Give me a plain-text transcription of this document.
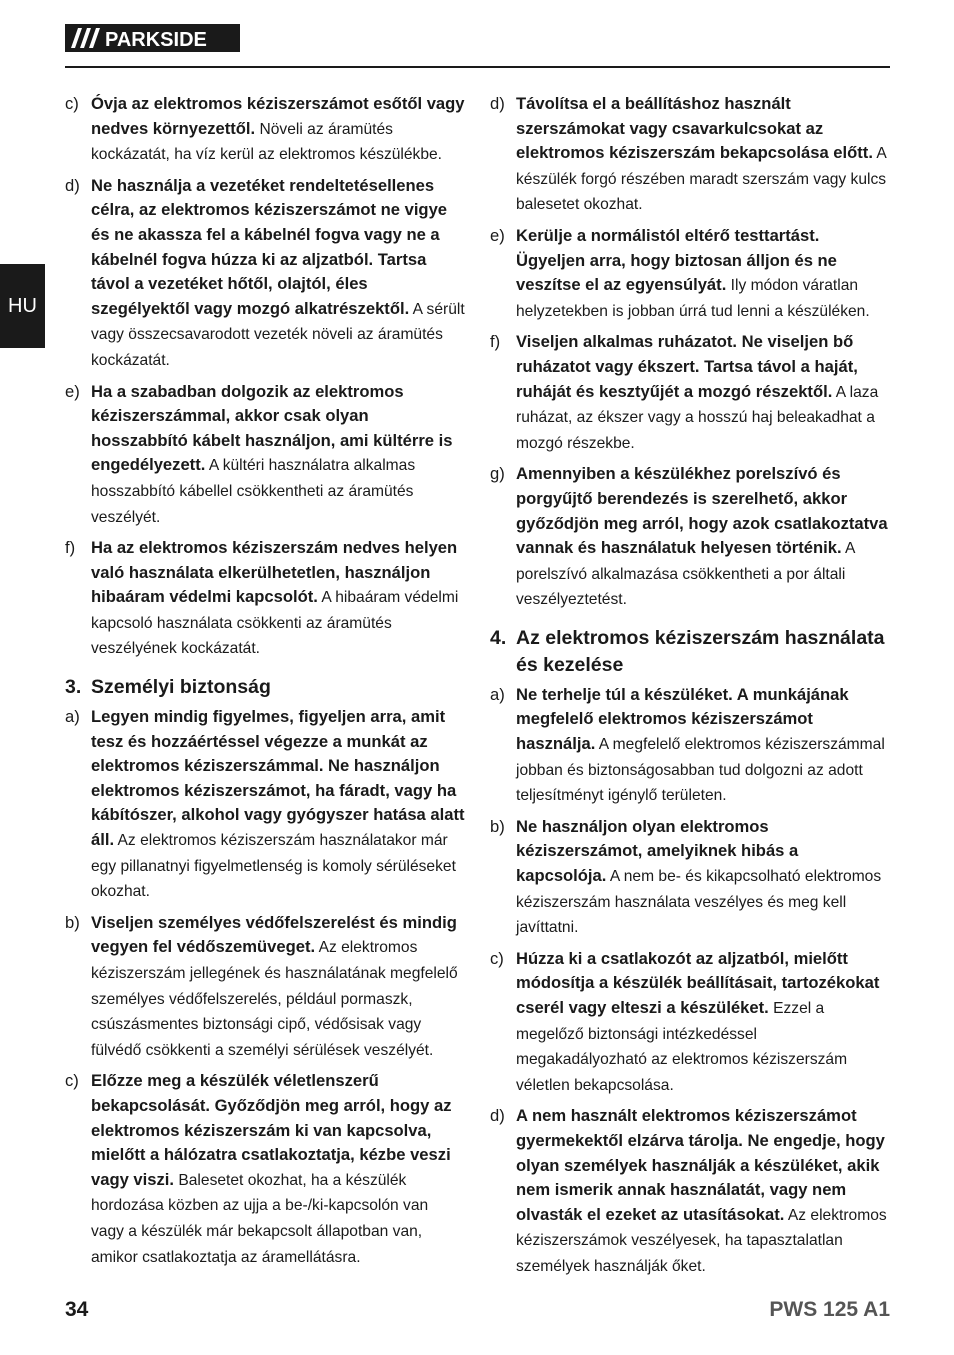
PARKSIDE
HU
c) Óvja az elektromos kéziszerszámot esőtől vagy nedves környezettől. Növeli az áramütés kockázatát, ha víz kerül az elektromos készülékbe.
d) Ne használja a vezetéket rendeltetésellenes célra, az elektromos kéziszerszámot ne vigye és ne akassza fel a kábelnél fogva vagy ne a kábelnél fogva húzza ki az aljzatból. Tartsa távol a vezetéket hőtől, olajtól, éles szegélyektől vagy mozgó alkatrészektől. A sérült vagy összecsavarodott vezeték növeli az áramütés kockázatát.
e) Ha a szabadban dolgozik az elektromos kéziszerszámmal, akkor csak olyan hosszabbító kábelt használjon, ami kültérre is engedélyezett. A kültéri használatra alkalmas hosszabbító kábellel csökkentheti az áramütés veszélyét.
f) Ha az elektromos kéziszerszám nedves helyen való használata elkerülhetetlen, használjon hibaáram védelmi kapcsolót. A hibaáram védelmi kapcsoló használata csökkenti az áramütés veszélyének kockázatát.
3. Személyi biztonság
a) Legyen mindig figyelmes, figyeljen arra, amit tesz és hozzáértéssel végezze a munkát az elektromos kéziszerszámmal. Ne használjon elektromos kéziszerszámot, ha fáradt, vagy ha kábítószer, alkohol vagy gyógyszer hatása alatt áll. Az elektromos kéziszerszám használatakor már egy pillanatnyi figyelmetlenség is komoly sérüléseket okozhat.
b) Viseljen személyes védőfelszerelést és mindig vegyen fel védőszemüveget. Az elektromos kéziszerszám jellegének és használatának megfelelő személyes védőfelszerelés, például pormaszk, csúszásmentes biztonsági cipő, védősisak vagy fülvédő csökkenti a személyi sérülések veszélyét.
c) Előzze meg a készülék véletlenszerű bekapcsolását. Győződjön meg arról, hogy az elektromos kéziszerszám ki van kapcsolva, mielőtt a hálózatra csatlakoztatja, kézbe veszi vagy viszi. Balesetet okozhat, ha a készülék hordozása közben az ujja a be-/ki-kapcsolón van vagy a készülék már bekapcsolt állapotban van, amikor csatlakoztatja az áramellátásra.
d) Távolítsa el a beállításhoz használt szerszámokat vagy csavarkulcsokat az elektromos kéziszerszám bekapcsolása előtt. A készülék forgó részében maradt szerszám vagy kulcs balesetet okozhat.
e) Kerülje a normálistól eltérő testtartást. Ügyeljen arra, hogy biztosan álljon és ne veszítse el az egyensúlyát. Ily módon váratlan helyzetekben is jobban úrrá tud lenni a készüléken.
f) Viseljen alkalmas ruházatot. Ne viseljen bő ruházatot vagy ékszert. Tartsa távol a haját, ruháját és kesztyűjét a mozgó részektől. A laza ruházat, az ékszer vagy a hosszú haj beleakadhat a mozgó részekbe.
g) Amennyiben a készülékhez porelszívó és porgyűjtő berendezés is szerelhető, akkor győződjön meg arról, hogy azok csatlakoztatva vannak és használatuk helyesen történik. A porelszívó alkalmazása csökkentheti a por általi veszélyeztetést.
4. Az elektromos kéziszerszám használata és kezelése
a) Ne terhelje túl a készüléket. A munkájának megfelelő elektromos kéziszerszámot használja. A megfelelő elektromos kéziszerszámmal jobban és biztonságosabban tud dolgozni az adott teljesítményt igénylő területen.
b) Ne használjon olyan elektromos kéziszerszámot, amelyiknek hibás a kapcsolója. A nem be- és kikapcsolható elektromos kéziszerszám használata veszélyes és meg kell javíttatni.
c) Húzza ki a csatlakozót az aljzatból, mielőtt módosítja a készülék beállításait, tartozékokat cserél vagy elteszi a készüléket. Ezzel a megelőző biztonsági intézkedéssel megakadályozható az elektromos kéziszerszám véletlen bekapcsolása.
d) A nem használt elektromos kéziszerszámot gyermekektől elzárva tárolja. Ne engedje, hogy olyan személyek használják a készüléket, akik nem ismerik annak használatát, vagy nem olvasták el ezeket az utasításokat. Az elektromos kéziszerszámok veszélyesek, ha tapasztalatlan személyek használják őket.
34	PWS 125 A1
